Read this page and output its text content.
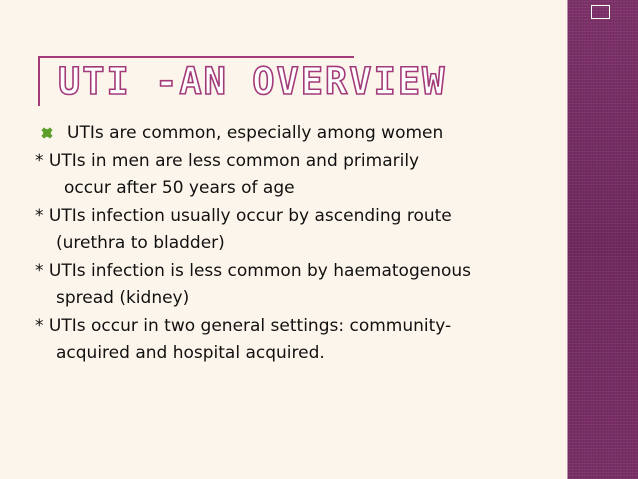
UTI -AN OVERVIEW
UTIs are common, especially among women
* UTIs in men are less common and primarily
occur after 50 years of age
* UTIs infection usually occur by ascending route
(urethra to bladder)
* UTIs infection is less common by haematogenous
spread (kidney)
* UTIs occur in two general settings: community-
acquired and hospital acquired.
